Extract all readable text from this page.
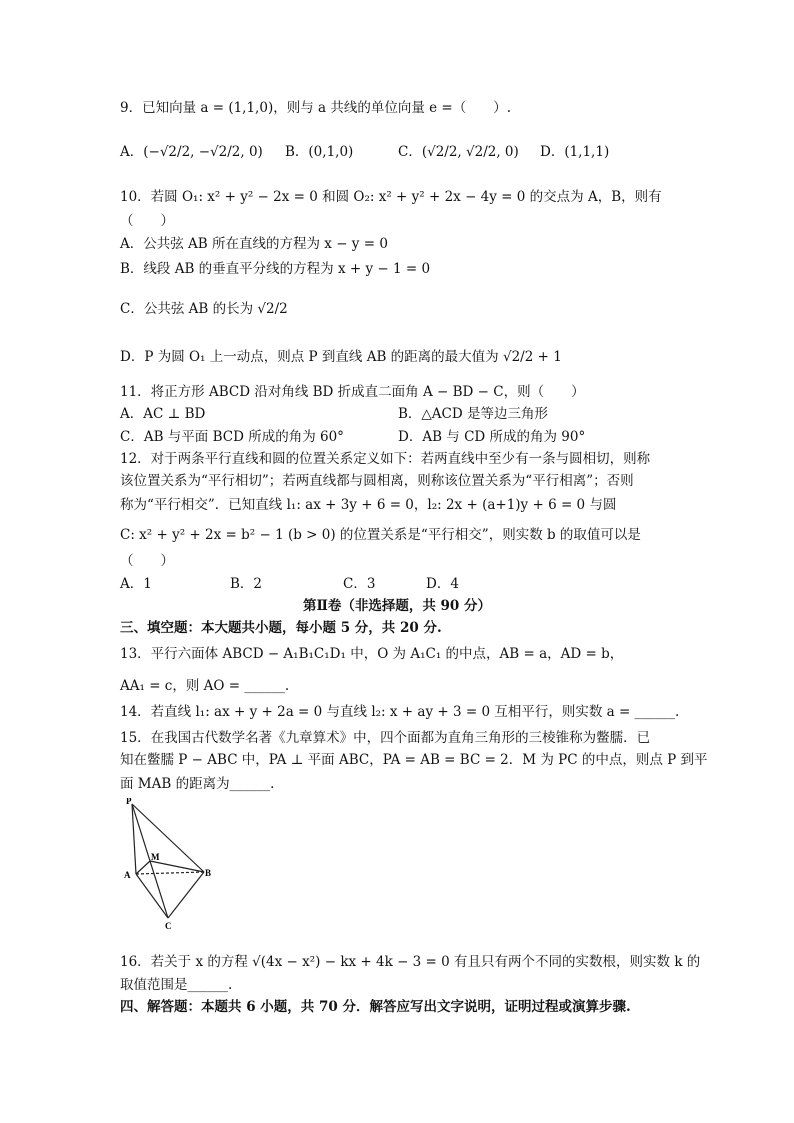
9．已知向量 a = (1,1,0)，则与 a 共线的单位向量 e =（　　）.
A．(−√2/2, −√2/2, 0) B．(0,1,0)	C．(√2/2, √2/2, 0) D．(1,1,1)
10．若圆 O₁: x² + y² − 2x = 0 和圆 O₂: x² + y² + 2x − 4y = 0 的交点为 A，B，则有
（　　）
A．公共弦 AB 所在直线的方程为 x − y = 0
B．线段 AB 的垂直平分线的方程为 x + y − 1 = 0
C．公共弦 AB 的长为 √2/2
D．P 为圆 O₁ 上一动点，则点 P 到直线 AB 的距离的最大值为 √2/2 + 1
11．将正方形 ABCD 沿对角线 BD 折成直二面角 A − BD − C，则（　　）
A．AC ⊥ BD	B．△ACD 是等边三角形
C．AB 与平面 BCD 所成的角为 60°	D．AB 与 CD 所成的角为 90°
12．对于两条平行直线和圆的位置关系定义如下：若两直线中至少有一条与圆相切，则称
该位置关系为“平行相切”；若两直线都与圆相离，则称该位置关系为“平行相离”；否则
称为“平行相交”．已知直线 l₁: ax + 3y + 6 = 0，l₂: 2x + (a+1)y + 6 = 0 与圆
C: x² + y² + 2x = b² − 1 (b > 0) 的位置关系是“平行相交”，则实数 b 的取值可以是
（　　）
A．1	B．2	C．3	D．4
第Ⅱ卷（非选择题，共 90 分）
三、填空题：本大题共小题，每小题 5 分，共 20 分.
13．平行六面体 ABCD − A₁B₁C₁D₁ 中，O 为 A₁C₁ 的中点，AB = a，AD = b，
AA₁ = c，则 AO = ______.
14．若直线 l₁: ax + y + 2a = 0 与直线 l₂: x + ay + 3 = 0 互相平行，则实数 a = ______.
15．在我国古代数学名著《九章算术》中，四个面都为直角三角形的三棱锥称为鳖臑．已
知在鳖臑 P − ABC 中，PA ⊥ 平面 ABC，PA = AB = BC = 2．M 为 PC 的中点，则点 P 到平
面 MAB 的距离为______.
P
M
A	B
C
16．若关于 x 的方程 √(4x − x²) − kx + 4k − 3 = 0 有且只有两个不同的实数根，则实数 k 的
取值范围是______.
四、解答题：本题共 6 小题，共 70 分．解答应写出文字说明，证明过程或演算步骤.
